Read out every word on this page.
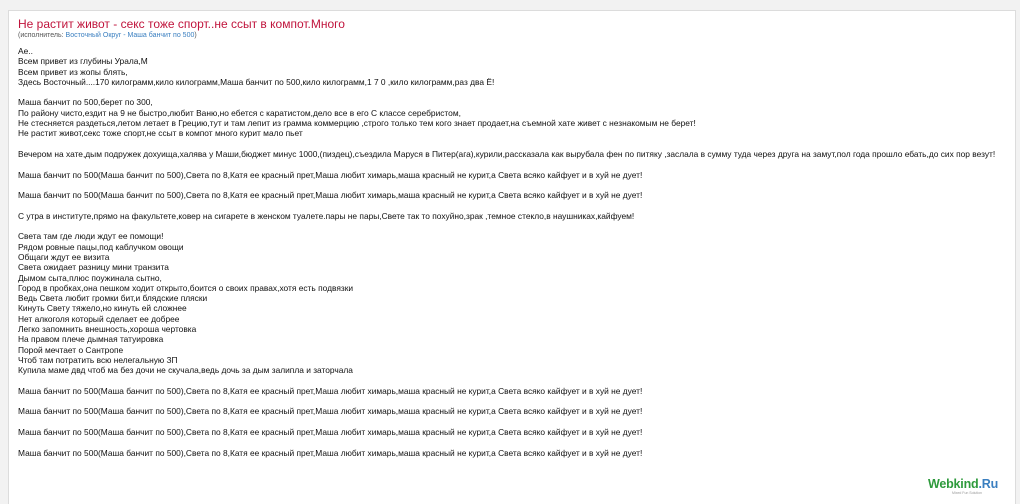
Не растит живот - секс тоже спорт..не ссыт в компот.Много
(исполнитель: Восточный Округ - Маша банчит по 500)
Ае..
Всем привет из глубины Урала,М
Всем привет из жопы блять,
Здесь Восточный....170 килограмм,кило килограмм,Маша банчит по 500,кило килограмм,1 7 0 ,кило килограмм,раз два Ё!
Маша банчит по 500,берет по 300,
По району чисто,ездит на 9 не быстро,любит Ваню,но ебется с каратистом,дело все в его С классе серебристом,
Не стесняется раздеться,летом летает в Грецию,тут и там лепит из грамма коммерцию ,строго только тем кого знает продает,на съемной хате живет с незнакомым не берет!
Не растит живот,секс тоже спорт,не ссыт в компот много курит мало пьет
Вечером на хате,дым подружек дохуища,халява у Маши,бюджет минус 1000,(пиздец),съездила Маруся в Питер(ага),курили,рассказала как вырубала фен по питяку ,заслала в сумму туда через друга на замут,пол года прошло ебать,до сих пор везут!
Маша банчит по 500(Маша банчит по 500),Света по 8,Катя ее красный прет,Маша любит химарь,маша красный не курит,а Света всяко кайфует и в хуй не дует!
Маша банчит по 500(Маша банчит по 500),Света по 8,Катя ее красный прет,Маша любит химарь,маша красный не курит,а Света всяко кайфует и в хуй не дует!
С утра в институте,прямо на факультете,ковер на сигарете в женском туалете.пары не пары,Свете так то похуйно,зрак ,темное стекло,в наушниках,кайфуем!
Света там где люди ждут ее помощи!
Рядом ровные пацы,под каблучком овощи
Общаги ждут ее визита
Света ожидает разницу мини транзита
Дымом сыта,плюс поужинала сытно,
Город в пробках,она пешком ходит открыто,боится о своих правах,хотя есть подвязки
Ведь Света любит громки бит,и блядские пляски
Кинуть Свету тяжело,но кинуть ей сложнее
Нет алкоголя который сделает ее добрее
Легко запомнить внешность,хороша чертовка
На правом плече дымная татуировка
Порой мечтает о Сантропе
Чтоб там потратить всю нелегальную ЗП
Купила маме двд чтоб ма без дочи не скучала,ведь дочь за дым залипла и заторчала
Маша банчит по 500(Маша банчит по 500),Света по 8,Катя ее красный прет,Маша любит химарь,маша красный не курит,а Света всяко кайфует и в хуй не дует!
Маша банчит по 500(Маша банчит по 500),Света по 8,Катя ее красный прет,Маша любит химарь,маша красный не курит,а Света всяко кайфует и в хуй не дует!
Маша банчит по 500(Маша банчит по 500),Света по 8,Катя ее красный прет,Маша любит химарь,маша красный не курит,а Света всяко кайфует и в хуй не дует!
Маша банчит по 500(Маша банчит по 500),Света по 8,Катя ее красный прет,Маша любит химарь,маша красный не курит,а Света всяко кайфует и в хуй не дует!
Webkind.Ru
Mixed Fun Solution
